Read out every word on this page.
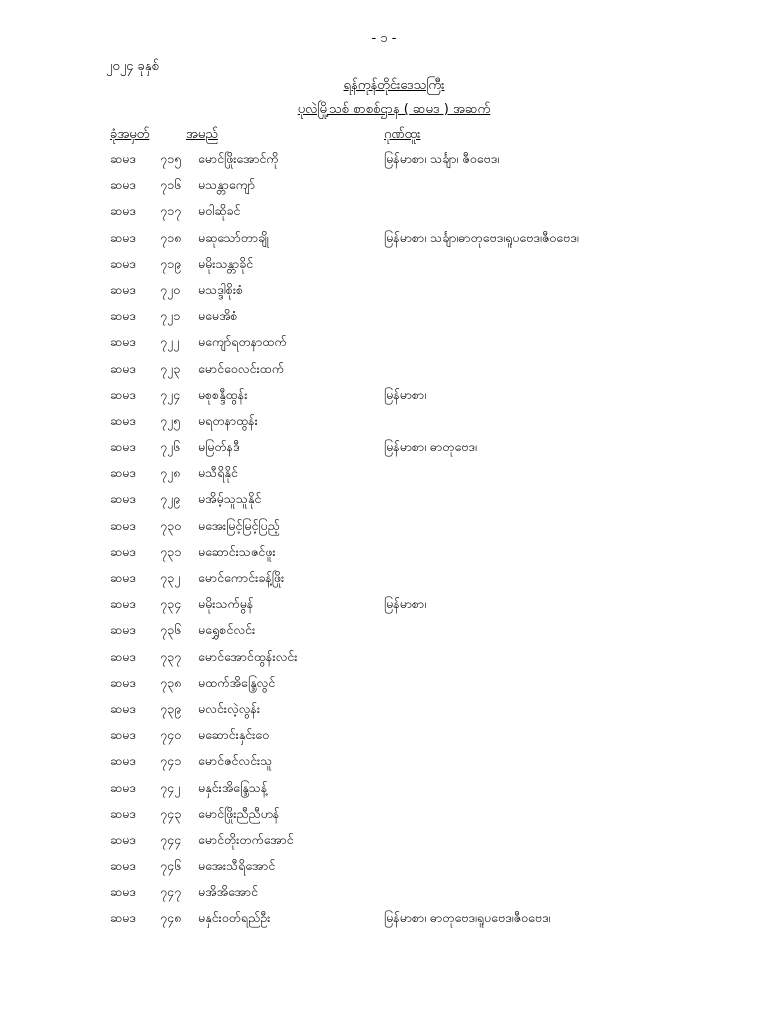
- ၁ -
၂၀၂၄ ခုနှစ်
ရန်ကုန်တိုင်းဒေသကြီး
ပုလဲမြို့သစ် စာစစ်ဌာန ( ဆမဒ ) အဆက်
ခုံအမှတ်	အမည်	ဂုဏ်ထူး
ဆမဒ ၇၁၅	မောင်ဖြိုးအောင်ကို	မြန်မာစာ၊ သင်္ချာ၊ ဇီဝဗေဒ၊
ဆမဒ ၇၁၆	မသန္တာကျော်
ဆမဒ ၇၁၇	မဝါဆိုခင်
ဆမဒ ၇၁၈	မဆုသော်တာချို	မြန်မာစာ၊ သင်္ချာ၊ဓာတုဗေဒ၊ရူပဗေဒ၊ဇီဝဗေဒ၊
ဆမဒ ၇၁၉	မမိုးသန္တာခိုင်
ဆမဒ ၇၂၀	မသဒ္ဒါစိုးစံ
ဆမဒ ၇၂၁	မမေအိစံ
ဆမဒ ၇၂၂	မကျော်ရတနာထက်
ဆမဒ ၇၂၃	မောင်ဝေလင်းထက်
ဆမဒ ၇၂၄	မစုစန္ဒီထွန်း	မြန်မာစာ၊
ဆမဒ ၇၂၅	မရတနာထွန်း
ဆမဒ ၇၂၆	မမြတ်နဒီ	မြန်မာစာ၊ ဓာတုဗေဒ၊
ဆမဒ ၇၂၈	မသီရိနိုင်
ဆမဒ ၇၂၉	မအိမ့်သူသူနိုင်
ဆမဒ ၇၃၀	မအေးမြင့်မြင့်ပြည့်
ဆမဒ ၇၃၁	မဆောင်းသဇင်ဖူး
ဆမဒ ၇၃၂	မောင်ကောင်းခန့်ဖြိုး
ဆမဒ ၇၃၄	မမိုးသက်မွန်	မြန်မာစာ၊
ဆမဒ ၇၃၆	မရွှေစင်လင်း
ဆမဒ ၇၃၇	မောင်အောင်ထွန်းလင်း
ဆမဒ ၇၃၈	မထက်အိန္ဒြေလွင်
ဆမဒ ၇၃၉	မလင်းလဲ့လွန်း
ဆမဒ ၇၄၀	မဆောင်းနှင်းဝေ
ဆမဒ ၇၄၁	မောင်ဇင်လင်းသူ
ဆမဒ ၇၄၂	မနှင်းအိန္ဒြေသန့်
ဆမဒ ၇၄၃	မောင်ဖြိုးညီညီဟန်
ဆမဒ ၇၄၄	မောင်တိုးတက်အောင်
ဆမဒ ၇၄၆	မအေးသီရိအောင်
ဆမဒ ၇၄၇	မအိအိအောင်
ဆမဒ ၇၄၈	မနှင်းဝတ်ရည်ဦး	မြန်မာစာ၊ ဓာတုဗေဒ၊ရူပဗေဒ၊ဇီဝဗေဒ၊
